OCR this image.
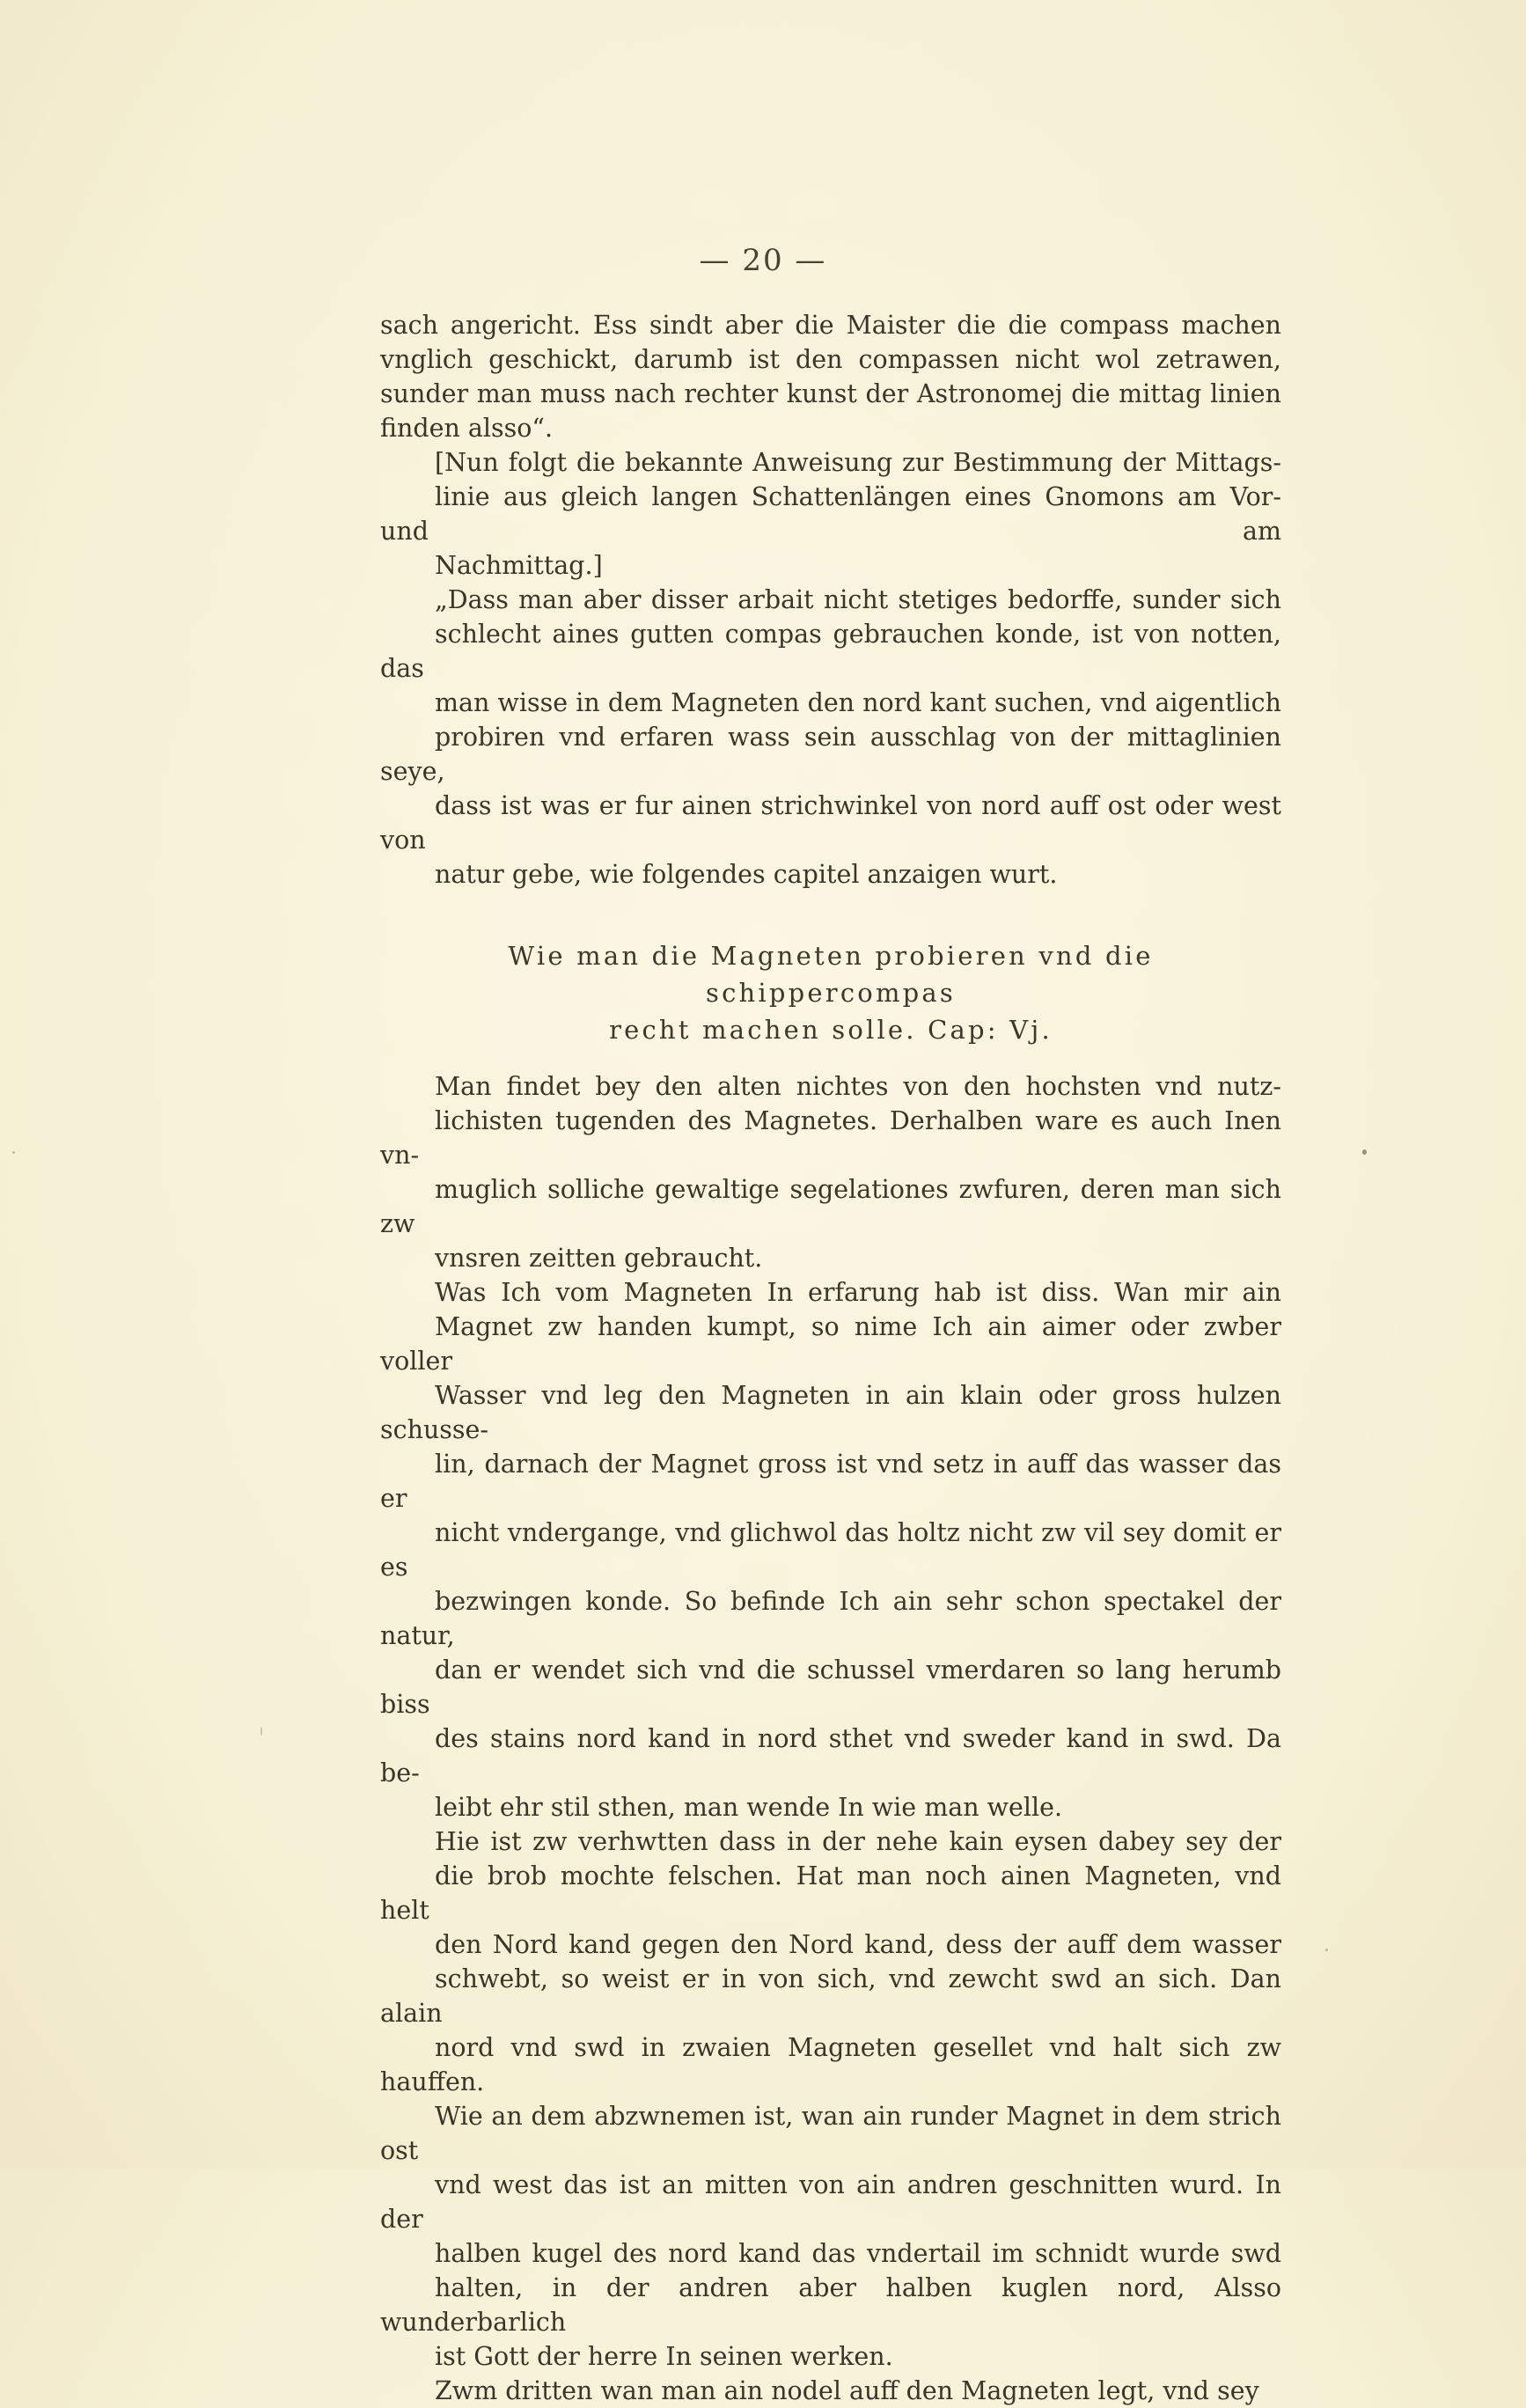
— 20 —

sach angericht. Ess sindt aber die Maister die die compass machen
vnglich geschickt, darumb ist den compassen nicht wol zetrawen,
sunder man muss nach rechter kunst der Astronomej die mittag linien
finden alsso“.

[Nun folgt die bekannte Anweisung zur Bestimmung der Mittags-
linie aus gleich langen Schattenlängen eines Gnomons am Vor- und am
Nachmittag.]

„Dass man aber disser arbait nicht stetiges bedorffe, sunder sich
schlecht aines gutten compas gebrauchen konde, ist von notten, das
man wisse in dem Magneten den nord kant suchen, vnd aigentlich
probiren vnd erfaren wass sein ausschlag von der mittaglinien seye,
dass ist was er fur ainen strichwinkel von nord auff ost oder west von
natur gebe, wie folgendes capitel anzaigen wurt.

Wie man die Magneten probieren vnd die schippercompas
recht machen solle. Cap: Vj.

Man findet bey den alten nichtes von den hochsten vnd nutz-
lichisten tugenden des Magnetes. Derhalben ware es auch Inen vn-
muglich solliche gewaltige segelationes zwfuren, deren man sich zw
vnsren zeitten gebraucht.

Was Ich vom Magneten In erfarung hab ist diss. Wan mir ain
Magnet zw handen kumpt, so nime Ich ain aimer oder zwber voller
Wasser vnd leg den Magneten in ain klain oder gross hulzen schusse-
lin, darnach der Magnet gross ist vnd setz in auff das wasser das er
nicht vndergange, vnd glichwol das holtz nicht zw vil sey domit er es
bezwingen konde. So befinde Ich ain sehr schon spectakel der natur,
dan er wendet sich vnd die schussel vmerdaren so lang herumb biss
des stains nord kand in nord sthet vnd sweder kand in swd. Da be-
leibt ehr stil sthen, man wende In wie man welle.

Hie ist zw verhwtten dass in der nehe kain eysen dabey sey der
die brob mochte felschen. Hat man noch ainen Magneten, vnd helt
den Nord kand gegen den Nord kand, dess der auff dem wasser
schwebt, so weist er in von sich, vnd zewcht swd an sich. Dan alain
nord vnd swd in zwaien Magneten gesellet vnd halt sich zw hauffen.
Wie an dem abzwnemen ist, wan ain runder Magnet in dem strich ost
vnd west das ist an mitten von ain andren geschnitten wurd. In der
halben kugel des nord kand das vndertail im schnidt wurde swd
halten, in der andren aber halben kuglen nord, Alsso wunderbarlich
ist Gott der herre In seinen werken.

Zwm dritten wan man ain nodel auff den Magneten legt, vnd sey
